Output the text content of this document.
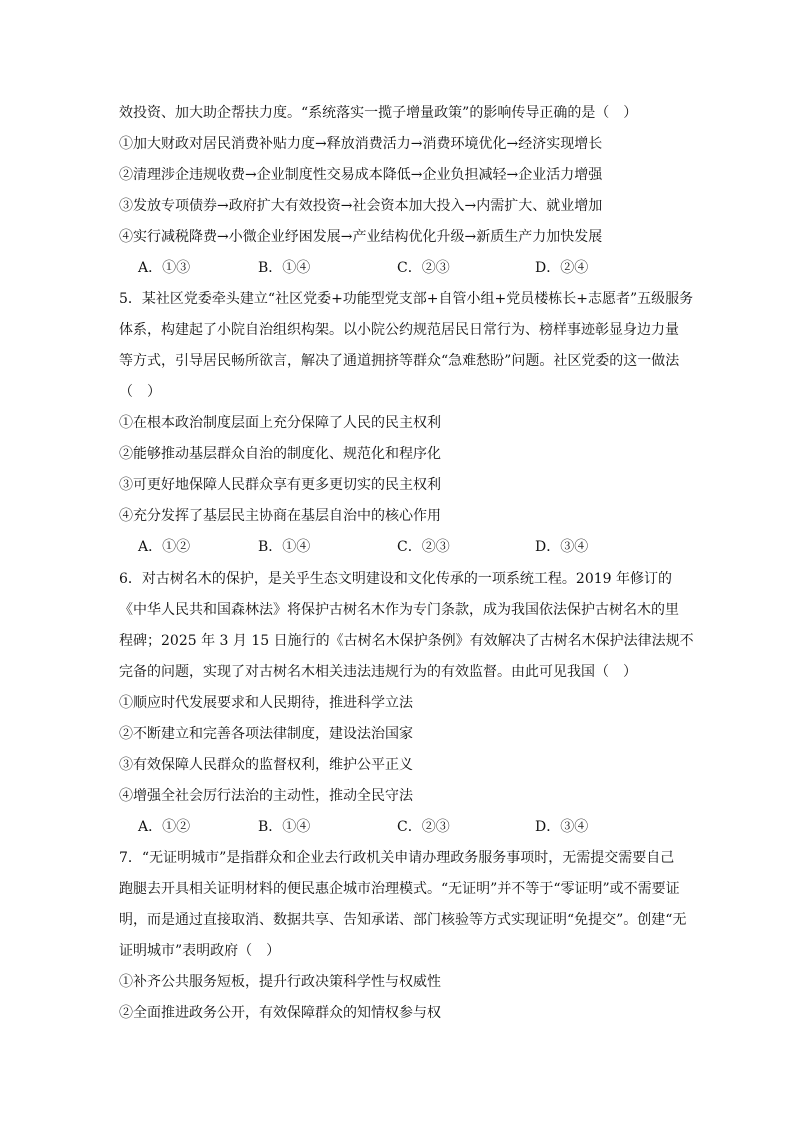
效投资、加大助企帮扶力度。“系统落实一揽子增量政策”的影响传导正确的是（　）
①加大财政对居民消费补贴力度→释放消费活力→消费环境优化→经济实现增长
②清理涉企违规收费→企业制度性交易成本降低→企业负担减轻→企业活力增强
③发放专项债券→政府扩大有效投资→社会资本加大投入→内需扩大、就业增加
④实行减税降费→小微企业纾困发展→产业结构优化升级→新质生产力加快发展
A．①③	B．①④	C．②③	D．②④
5．某社区党委牵头建立“社区党委+功能型党支部+自管小组+党员楼栋长+志愿者”五级服务
体系，构建起了小院自治组织构架。以小院公约规范居民日常行为、榜样事迹彰显身边力量
等方式，引导居民畅所欲言，解决了通道拥挤等群众“急难愁盼”问题。社区党委的这一做法
（　）
①在根本政治制度层面上充分保障了人民的民主权利
②能够推动基层群众自治的制度化、规范化和程序化
③可更好地保障人民群众享有更多更切实的民主权利
④充分发挥了基层民主协商在基层自治中的核心作用
A．①②	B．①④	C．②③	D．③④
6．对古树名木的保护，是关乎生态文明建设和文化传承的一项系统工程。2019 年修订的
《中华人民共和国森林法》将保护古树名木作为专门条款，成为我国依法保护古树名木的里
程碑；2025 年 3 月 15 日施行的《古树名木保护条例》有效解决了古树名木保护法律法规不
完备的问题，实现了对古树名木相关违法违规行为的有效监督。由此可见我国（　）
①顺应时代发展要求和人民期待，推进科学立法
②不断建立和完善各项法律制度，建设法治国家
③有效保障人民群众的监督权利，维护公平正义
④增强全社会厉行法治的主动性，推动全民守法
A．①②	B．①④	C．②③	D．③④
7．“无证明城市”是指群众和企业去行政机关申请办理政务服务事项时，无需提交需要自己
跑腿去开具相关证明材料的便民惠企城市治理模式。“无证明”并不等于“零证明”或不需要证
明，而是通过直接取消、数据共享、告知承诺、部门核验等方式实现证明“免提交”。创建“无
证明城市”表明政府（　）
①补齐公共服务短板，提升行政决策科学性与权威性
②全面推进政务公开，有效保障群众的知情权参与权
